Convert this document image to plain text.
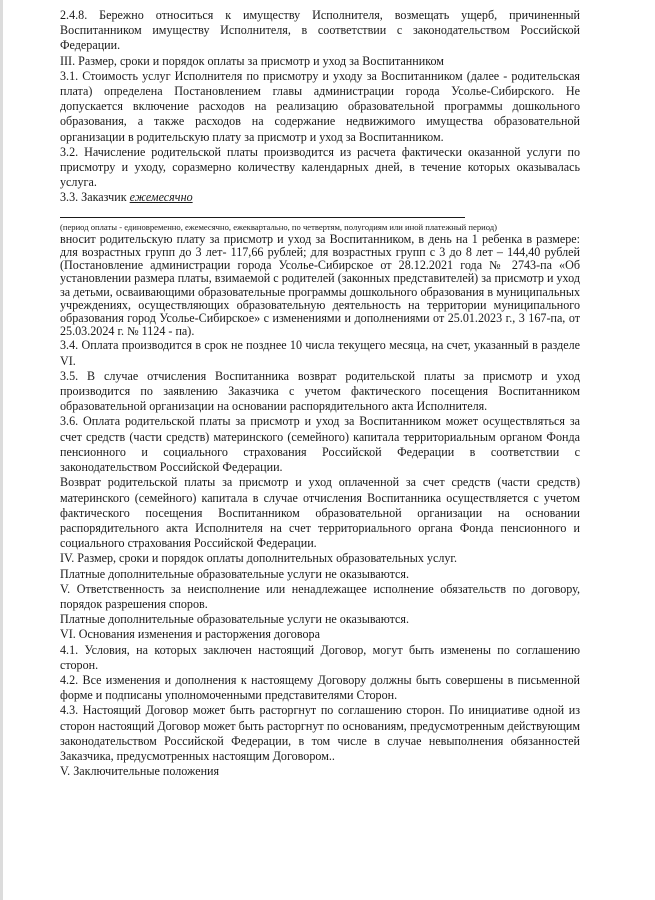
2.4.8. Бережно относиться к имуществу Исполнителя, возмещать ущерб, причиненный Воспитанником имуществу Исполнителя, в соответствии с законодательством Российской Федерации.

III. Размер, сроки и порядок оплаты за присмотр и уход за Воспитанником

3.1. Стоимость услуг Исполнителя по присмотру и уходу за Воспитанником (далее - родительская плата) определена Постановлением главы администрации города Усолье-Сибирского. Не допускается включение расходов на реализацию образовательной программы дошкольного образования, а также расходов на содержание недвижимого имущества образовательной организации в родительскую плату за присмотр и уход за Воспитанником.

3.2. Начисление родительской платы производится из расчета фактически оказанной услуги по присмотру и уходу, соразмерно количеству календарных дней, в течение которых оказывалась услуга.

3.3. Заказчик ежемесячно

(период оплаты - единовременно, ежемесячно, ежеквартально, по четвертям, полугодиям или иной платежный период)

вносит родительскую плату за присмотр и уход за Воспитанником, в день на 1 ребенка в размере: для возрастных групп до 3 лет- 117,66 рублей; для возрастных групп с 3 до 8 лет – 144,40 рублей (Постановление администрации города Усолье-Сибирское от 28.12.2021 года № 2743-па «Об установлении размера платы, взимаемой с родителей (законных представителей) за присмотр и уход за детьми, осваивающими образовательные программы дошкольного образования в муниципальных учреждениях, осуществляющих образовательную деятельность на территории муниципального образования город Усолье-Сибирское» с изменениями и дополнениями от 25.01.2023 г., 3 167-па, от 25.03.2024 г. № 1124 - па).

3.4. Оплата производится в срок не позднее 10 числа текущего месяца, на счет, указанный в разделе VI.

3.5. В случае отчисления Воспитанника возврат родительской платы за присмотр и уход производится по заявлению Заказчика с учетом фактического посещения Воспитанником образовательной организации на основании распорядительного акта Исполнителя.

3.6. Оплата родительской платы за присмотр и уход за Воспитанником может осуществляться за счет средств (части средств) материнского (семейного) капитала территориальным органом Фонда пенсионного и социального страхования Российской Федерации в соответствии с законодательством Российской Федерации.

Возврат родительской платы за присмотр и уход оплаченной за счет средств (части средств) материнского (семейного) капитала в случае отчисления Воспитанника осуществляется с учетом фактического посещения Воспитанником образовательной организации на основании распорядительного акта Исполнителя на счет территориального органа Фонда пенсионного и социального страхования Российской Федерации.

IV. Размер, сроки и порядок оплаты дополнительных образовательных услуг.

Платные дополнительные образовательные услуги не оказываются.

V. Ответственность за неисполнение или ненадлежащее исполнение обязательств по договору, порядок разрешения споров.

Платные дополнительные образовательные услуги не оказываются.

VI. Основания изменения и расторжения договора

4.1. Условия, на которых заключен настоящий Договор, могут быть изменены по соглашению сторон.

4.2. Все изменения и дополнения к настоящему Договору должны быть совершены в письменной форме и подписаны уполномоченными представителями Сторон.

4.3. Настоящий Договор может быть расторгнут по соглашению сторон. По инициативе одной из сторон настоящий Договор может быть расторгнут по основаниям, предусмотренным действующим законодательством Российской Федерации, в том числе в случае невыполнения обязанностей Заказчика, предусмотренных настоящим Договором..

V. Заключительные положения
